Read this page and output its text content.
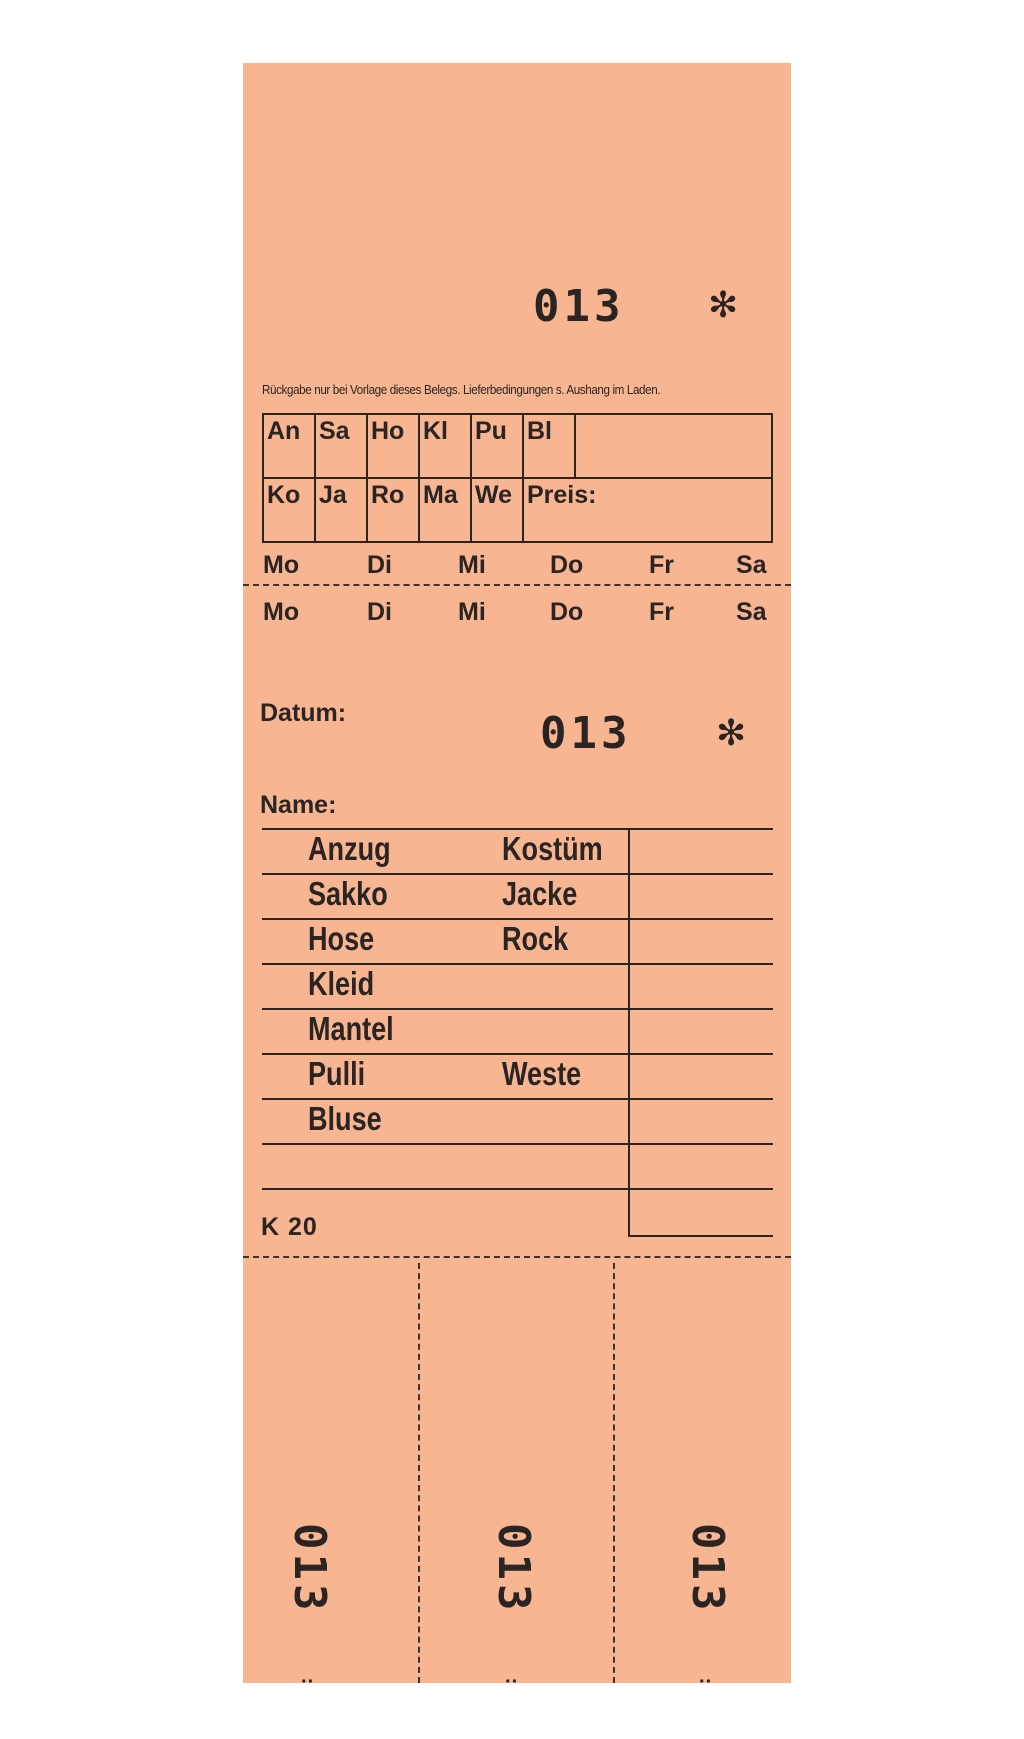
013 ✻
Rückgabe nur bei Vorlage dieses Belegs. Lieferbedingungen s. Aushang im Laden.
An	Sa	Ho	Kl	Pu	Bl	
Ko	Ja	Ro	Ma	We	Preis:	
Mo	Di	Mi	Do	Fr Sa
Mo	Di	Mi	Do	Fr Sa
Datum:	013 ✻
Name:
Anzug	Kostüm
Sakko	Jacke
Hose	Rock
Kleid
Mantel
Pulli	Weste
Bluse
K 20
013	013	013
··	··	··
